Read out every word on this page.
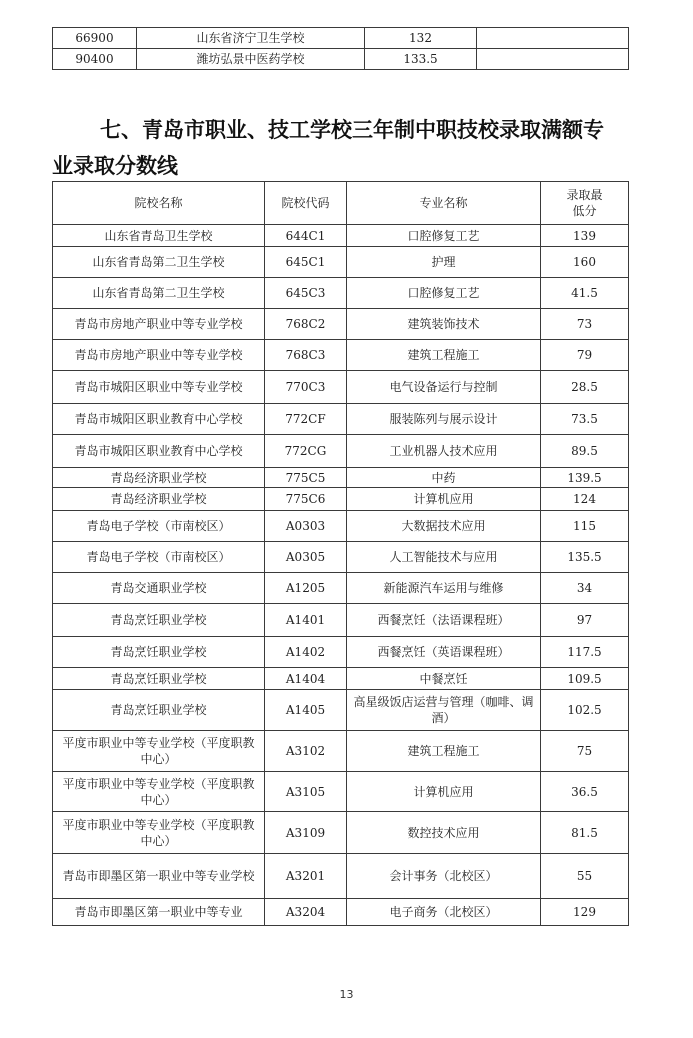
66900	山东省济宁卫生学校	132	
90400	潍坊弘景中医药学校	133.5	
七、青岛市职业、技工学校三年制中职技校录取满额专
业录取分数线
院校名称	院校代码	专业名称	录取最低分
山东省青岛卫生学校	644C1	口腔修复工艺	139
山东省青岛第二卫生学校	645C1	护理	160
山东省青岛第二卫生学校	645C3	口腔修复工艺	41.5
青岛市房地产职业中等专业学校	768C2	建筑装饰技术	73
青岛市房地产职业中等专业学校	768C3	建筑工程施工	79
青岛市城阳区职业中等专业学校	770C3	电气设备运行与控制	28.5
青岛市城阳区职业教育中心学校	772CF	服装陈列与展示设计	73.5
青岛市城阳区职业教育中心学校	772CG	工业机器人技术应用	89.5
青岛经济职业学校	775C5	中药	139.5
青岛经济职业学校	775C6	计算机应用	124
青岛电子学校（市南校区）	A0303	大数据技术应用	115
青岛电子学校（市南校区）	A0305	人工智能技术与应用	135.5
青岛交通职业学校	A1205	新能源汽车运用与维修	34
青岛烹饪职业学校	A1401	西餐烹饪（法语课程班）	97
青岛烹饪职业学校	A1402	西餐烹饪（英语课程班）	117.5
青岛烹饪职业学校	A1404	中餐烹饪	109.5
青岛烹饪职业学校	A1405	高星级饭店运营与管理（咖啡、调酒）	102.5
平度市职业中等专业学校（平度职教中心）	A3102	建筑工程施工	75
平度市职业中等专业学校（平度职教中心）	A3105	计算机应用	36.5
平度市职业中等专业学校（平度职教中心）	A3109	数控技术应用	81.5
青岛市即墨区第一职业中等专业学校	A3201	会计事务（北校区）	55
青岛市即墨区第一职业中等专业	A3204	电子商务（北校区）	129
13
